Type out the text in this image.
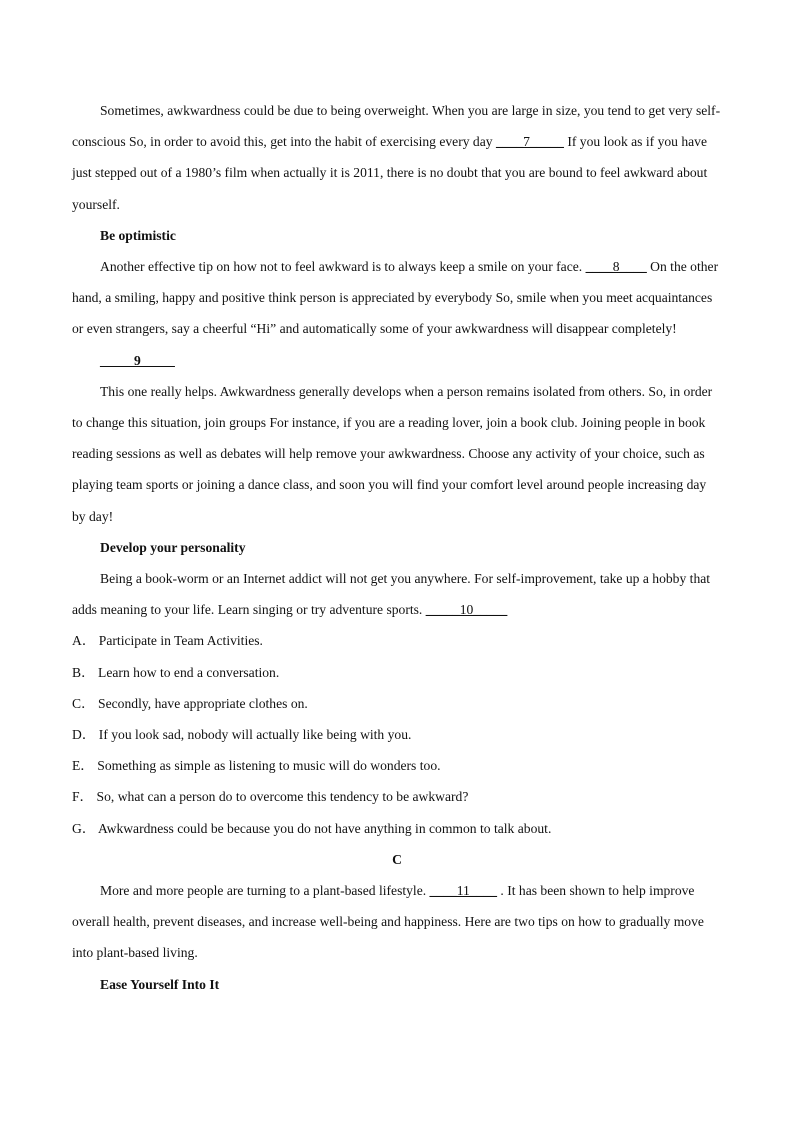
Sometimes, awkwardness could be due to being overweight. When you are large in size, you tend to get very self-conscious So, in order to avoid this, get into the habit of exercising every day ____7_____ If you look as if you have just stepped out of a 1980’s film when actually it is 2011, there is no doubt that you are bound to feel awkward about yourself.

Be optimistic

Another effective tip on how not to feel awkward is to always keep a smile on your face. ____8____ On the other hand, a smiling, happy and positive think person is appreciated by everybody So, smile when you meet acquaintances or even strangers, say a cheerful “Hi” and automatically some of your awkwardness will disappear completely!

_____9_____

This one really helps. Awkwardness generally develops when a person remains isolated from others. So, in order to change this situation, join groups For instance, if you are a reading lover, join a book club. Joining people in book reading sessions as well as debates will help remove your awkwardness. Choose any activity of your choice, such as playing team sports or joining a dance class, and soon you will find your comfort level around people increasing day by day!

Develop your personality

Being a book-worm or an Internet addict will not get you anywhere. For self-improvement, take up a hobby that adds meaning to your life. Learn singing or try adventure sports. _____10_____

A． Participate in Team Activities.

B． Learn how to end a conversation.

C． Secondly, have appropriate clothes on.

D． If you look sad, nobody will actually like being with you.

E． Something as simple as listening to music will do wonders too.

F． So, what can a person do to overcome this tendency to be awkward?

G． Awkwardness could be because you do not have anything in common to talk about.

C

More and more people are turning to a plant-based lifestyle. ____11____ . It has been shown to help improve overall health, prevent diseases, and increase well-being and happiness. Here are two tips on how to gradually move into plant-based living.

Ease Yourself Into It
